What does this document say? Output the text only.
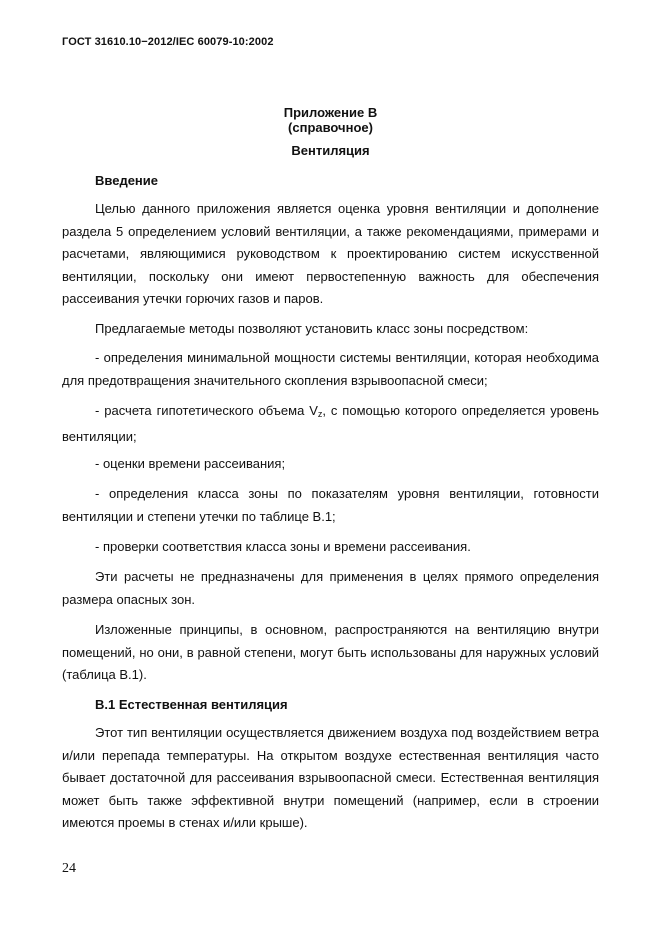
ГОСТ 31610.10−2012/IEC 60079-10:2002
Приложение В
(справочное)
Вентиляция
Введение

Целью данного приложения является оценка уровня вентиляции и дополнение раздела 5 определением условий вентиляции, а также рекомендациями, примерами и расчетами, являющимися руководством к проектированию систем искусственной вентиляции, поскольку они имеют первостепенную важность для обеспечения рассеивания утечки горючих газов и паров.

Предлагаемые методы позволяют установить класс зоны посредством:

- определения минимальной мощности системы вентиляции, которая необходима для предотвращения значительного скопления взрывоопасной смеси;

- расчета гипотетического объема $V_z$, с помощью которого определяется уровень вентиляции;

- оценки времени рассеивания;

- определения класса зоны по показателям уровня вентиляции, готовности вентиляции и степени утечки по таблице В.1;

- проверки соответствия класса зоны и времени рассеивания.

Эти расчеты не предназначены для применения в целях прямого определения размера опасных зон.

Изложенные принципы, в основном, распространяются на вентиляцию внутри помещений, но они, в равной степени, могут быть использованы для наружных условий (таблица В.1).

В.1 Естественная вентиляция

Этот тип вентиляции осуществляется движением воздуха под воздействием ветра и/или перепада температуры. На открытом воздухе естественная вентиляция часто бывает достаточной для рассеивания взрывоопасной смеси. Естественная вентиляция может быть также эффективной внутри помещений (например, если в строении имеются проемы в стенах и/или крыше).

24
